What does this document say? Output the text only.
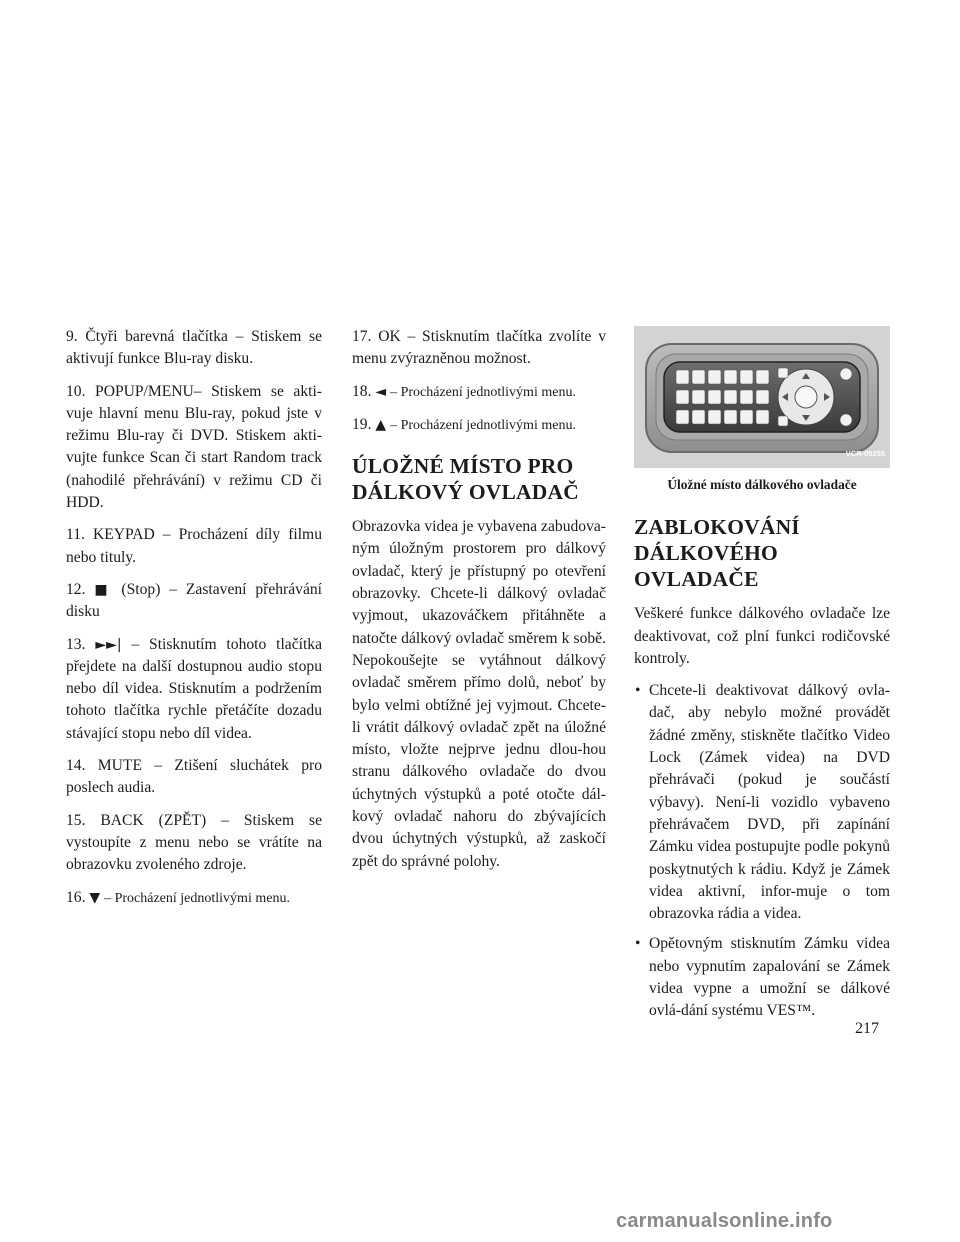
9. Čtyři barevná tlačítka – Stiskem se aktivují funkce Blu-ray disku.

10. POPUP/MENU– Stiskem se akti-vuje hlavní menu Blu-ray, pokud jste v režimu Blu-ray či DVD. Stiskem akti-vujte funkce Scan či start Random track (nahodilé přehrávání) v režimu CD či HDD.

11. KEYPAD – Procházení díly filmu nebo tituly.

12. ■ (Stop) – Zastavení přehrávání disku

13. ►►| – Stisknutím tohoto tlačítka přejdete na další dostupnou audio stopu nebo díl videa. Stisknutím a podržením tohoto tlačítka rychle přetáčíte dozadu stávající stopu nebo díl videa.

14. MUTE – Ztišení sluchátek pro poslech audia.

15. BACK (ZPĚT) – Stiskem se vystoupíte z menu nebo se vrátíte na obrazovku zvoleného zdroje.

16. ▼ – Procházení jednotlivými menu.

17. OK – Stisknutím tlačítka zvolíte v menu zvýrazněnou možnost.

18. ◄ – Procházení jednotlivými menu.

19. ▲ – Procházení jednotlivými menu.

ÚLOŽNÉ MÍSTO PRO DÁLKOVÝ OVLADAČ

Obrazovka videa je vybavena zabudova-ným úložným prostorem pro dálkový ovladač, který je přístupný po otevření obrazovky. Chcete-li dálkový ovladač vyjmout, ukazováčkem přitáhněte a natočte dálkový ovladač směrem k sobě. Nepokoušejte se vytáhnout dálkový ovladač směrem přímo dolů, neboť by bylo velmi obtížné jej vyjmout. Chcete-li vrátit dálkový ovladač zpět na úložné místo, vložte nejprve jednu dlou-hou stranu dálkového ovladače do dvou úchytných výstupků a poté otočte dál-kový ovladač nahoru do zbývajících dvou úchytných výstupků, až zaskočí zpět do správné polohy.

VCR-05255

Úložné místo dálkového ovladače

ZABLOKOVÁNÍ DÁLKOVÉHO OVLADAČE

Veškeré funkce dálkového ovladače lze deaktivovat, což plní funkci rodičovské kontroly.

• Chcete-li deaktivovat dálkový ovla-dač, aby nebylo možné provádět žádné změny, stiskněte tlačítko Video Lock (Zámek videa) na DVD přehrávači (pokud je součástí výbavy). Není-li vozidlo vybaveno přehrávačem DVD, při zapínání Zámku videa postupujte podle pokynů poskytnutých k rádiu. Když je Zámek videa aktivní, infor-muje o tom obrazovka rádia a videa.
• Opětovným stisknutím Zámku videa nebo vypnutím zapalování se Zámek videa vypne a umožní se dálkové ovlá-dání systému VES™.
217
carmanualsonline.info
